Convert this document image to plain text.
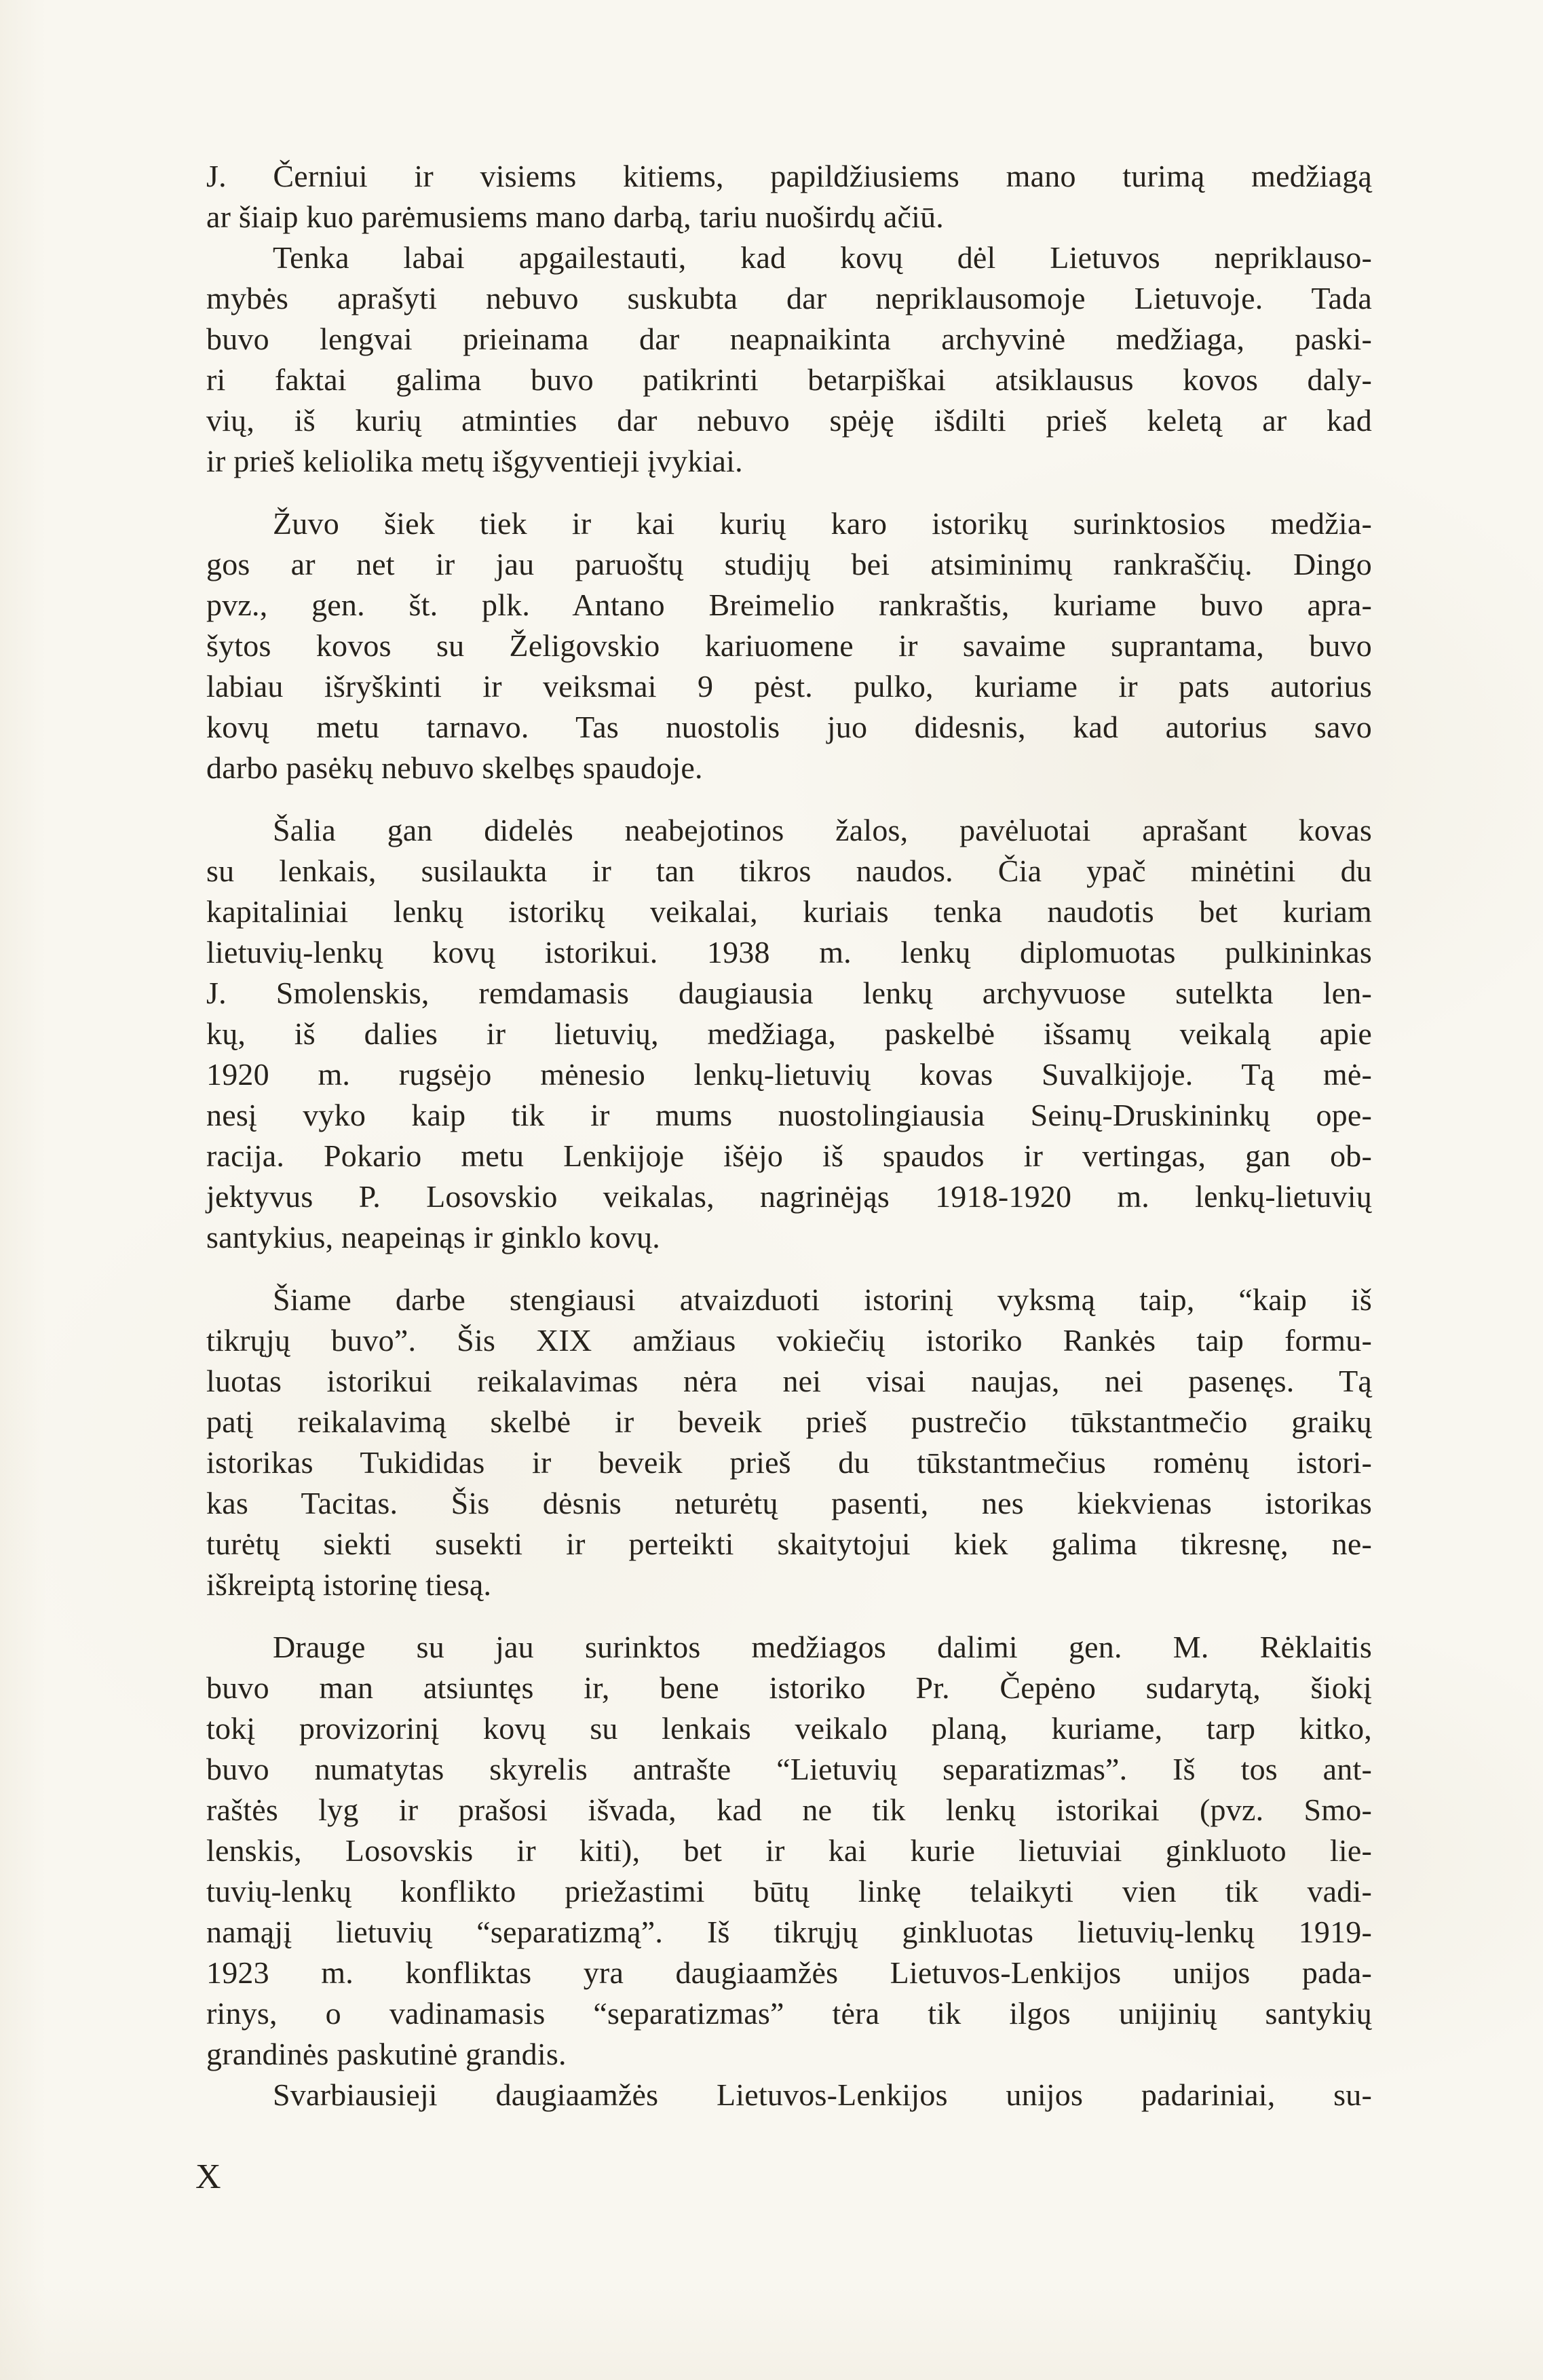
J. Černiui ir visiems kitiems, papildžiusiems mano turimą medžiagą
ar šiaip kuo parėmusiems mano darbą, tariu nuoširdų ačiū.
Tenka labai apgailestauti, kad kovų dėl Lietuvos nepriklauso-
mybės aprašyti nebuvo suskubta dar nepriklausomoje Lietuvoje. Tada
buvo lengvai prieinama dar neapnaikinta archyvinė medžiaga, paski-
ri faktai galima buvo patikrinti betarpiškai atsiklausus kovos daly-
vių, iš kurių atminties dar nebuvo spėję išdilti prieš keletą ar kad
ir prieš keliolika metų išgyventieji įvykiai.
Žuvo šiek tiek ir kai kurių karo istorikų surinktosios medžia-
gos ar net ir jau paruoštų studijų bei atsiminimų rankraščių. Dingo
pvz., gen. št. plk. Antano Breimelio rankraštis, kuriame buvo apra-
šytos kovos su Želigovskio kariuomene ir savaime suprantama, buvo
labiau išryškinti ir veiksmai 9 pėst. pulko, kuriame ir pats autorius
kovų metu tarnavo. Tas nuostolis juo didesnis, kad autorius savo
darbo pasėkų nebuvo skelbęs spaudoje.
Šalia gan didelės neabejotinos žalos, pavėluotai aprašant kovas
su lenkais, susilaukta ir tan tikros naudos. Čia ypač minėtini du
kapitaliniai lenkų istorikų veikalai, kuriais tenka naudotis bet kuriam
lietuvių-lenkų kovų istorikui. 1938 m. lenkų diplomuotas pulkininkas
J. Smolenskis, remdamasis daugiausia lenkų archyvuose sutelkta len-
kų, iš dalies ir lietuvių, medžiaga, paskelbė išsamų veikalą apie
1920 m. rugsėjo mėnesio lenkų-lietuvių kovas Suvalkijoje. Tą mė-
nesį vyko kaip tik ir mums nuostolingiausia Seinų-Druskininkų ope-
racija. Pokario metu Lenkijoje išėjo iš spaudos ir vertingas, gan ob-
jektyvus P. Losovskio veikalas, nagrinėjąs 1918-1920 m. lenkų-lietuvių
santykius, neapeinąs ir ginklo kovų.
Šiame darbe stengiausi atvaizduoti istorinį vyksmą taip, “kaip iš
tikrųjų buvo”. Šis XIX amžiaus vokiečių istoriko Rankės taip formu-
luotas istorikui reikalavimas nėra nei visai naujas, nei pasenęs. Tą
patį reikalavimą skelbė ir beveik prieš pustrečio tūkstantmečio graikų
istorikas Tukididas ir beveik prieš du tūkstantmečius romėnų istori-
kas Tacitas. Šis dėsnis neturėtų pasenti, nes kiekvienas istorikas
turėtų siekti susekti ir perteikti skaitytojui kiek galima tikresnę, ne-
iškreiptą istorinę tiesą.
Drauge su jau surinktos medžiagos dalimi gen. M. Rėklaitis
buvo man atsiuntęs ir, bene istoriko Pr. Čepėno sudarytą, šiokį
tokį provizorinį kovų su lenkais veikalo planą, kuriame, tarp kitko,
buvo numatytas skyrelis antrašte “Lietuvių separatizmas”. Iš tos ant-
raštės lyg ir prašosi išvada, kad ne tik lenkų istorikai (pvz. Smo-
lenskis, Losovskis ir kiti), bet ir kai kurie lietuviai ginkluoto lie-
tuvių-lenkų konflikto priežastimi būtų linkę telaikyti vien tik vadi-
namąjį lietuvių “separatizmą”. Iš tikrųjų ginkluotas lietuvių-lenkų 1919-
1923 m. konfliktas yra daugiaamžės Lietuvos-Lenkijos unijos pada-
rinys, o vadinamasis “separatizmas” tėra tik ilgos unijinių santykių
grandinės paskutinė grandis.
Svarbiausieji daugiaamžės Lietuvos-Lenkijos unijos padariniai, su-
X
